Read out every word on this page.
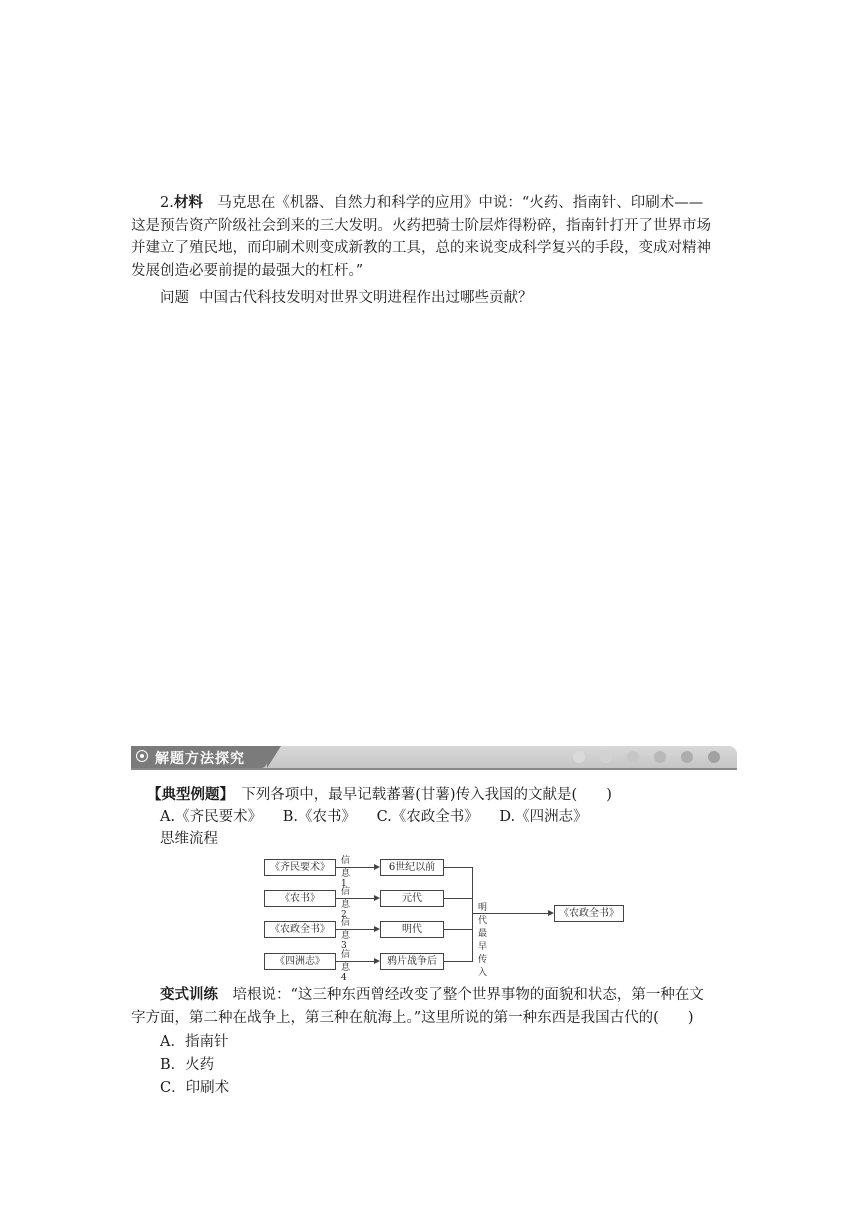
2.材料　 马克思在《机器、自然力和科学的应用》中说：“火药、指南针、印刷术——

这是预告资产阶级社会到来的三大发明。火药把骑士阶层炸得粉碎，指南针打开了世界市场

并建立了殖民地，而印刷术则变成新教的工具，总的来说变成科学复兴的手段，变成对精神

发展创造必要前提的最强大的杠杆。”

问题 中国古代科技发明对世界文明进程作出过哪些贡献？
解题方法探究
【典型例题】　 下列各项中，最早记载蕃薯(甘薯)传入我国的文献是(　　)
A.《齐民要术》 B.《农书》 C.《农政全书》 D.《四洲志》
思维流程
《齐民要术》
信息1
6世纪以前
《农书》
信息2
元代
《农政全书》
信息3
明代
《四洲志》
信息4
鸦片战争后
明代最早传入
《农政全书》

变式训练　 培根说：“这三种东西曾经改变了整个世界事物的面貌和状态，第一种在文

字方面，第二种在战争上，第三种在航海上。”这里所说的第一种东西是我国古代的(　　)

A．指南针
B．火药
C．印刷术
